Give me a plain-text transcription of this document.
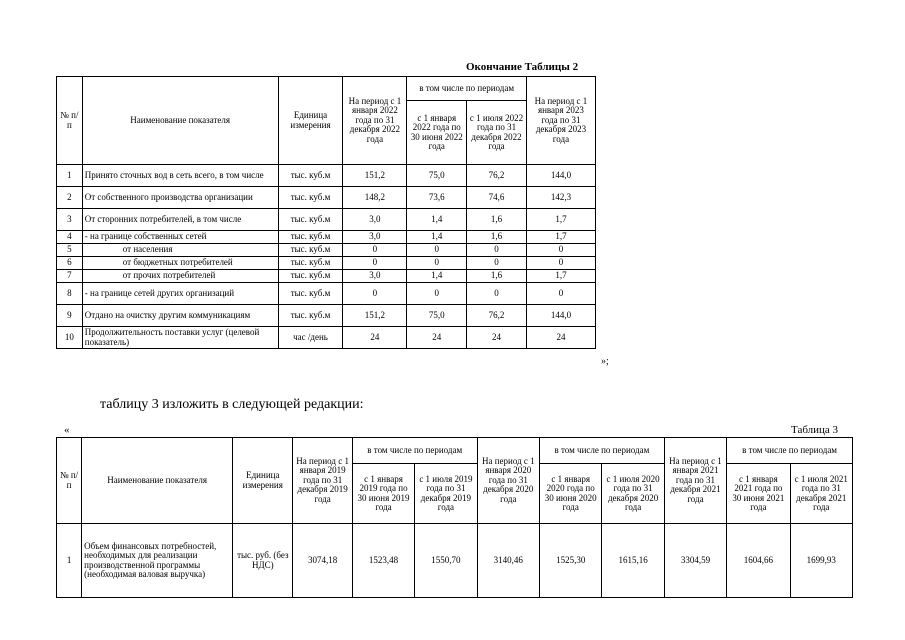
Окончание Таблицы 2
№ п/п	Наименование показателя	Единица измерения	На период с 1 января 2022 года по 31 декабря 2022 года	в том числе по периодам		На период с 1 января 2023 года по 31 декабря 2023 года
				с 1 января 2022 года по 30 июня 2022 года	с 1 июля 2022 года по 31 декабря 2022 года	
1	Принято сточных вод в сеть всего, в том числе	тыс. куб.м	151,2	75,0	76,2	144,0
2	От собственного производства организации	тыс. куб.м	148,2	73,6	74,6	142,3
3	От сторонних потребителей, в том числе	тыс. куб.м	3,0	1,4	1,6	1,7
4	- на границе собственных сетей	тыс. куб.м	3,0	1,4	1,6	1,7
5	от населения	тыс. куб.м	0	0	0	0
6	от бюджетных потребителей	тыс. куб.м	0	0	0	0
7	от прочих потребителей	тыс. куб.м	3,0	1,4	1,6	1,7
8	- на границе сетей других организаций	тыс. куб.м	0	0	0	0
9	Отдано на очистку другим коммуникациям	тыс. куб.м	151,2	75,0	76,2	144,0
10	Продолжительность поставки услуг (целевой показатель)	час /день	24	24	24	24
»;
таблицу 3 изложить в следующей редакции:
«	Таблица 3
№ п/п	Наименование показателя	Единица измерения	На период с 1 января 2019 года по 31 декабря 2019 года	в том числе по периодам		На период с 1 января 2020 года по 31 декабря 2020 года	в том числе по периодам		На период с 1 января 2021 года по 31 декабря 2021 года	в том числе по периодам	
				с 1 января 2019 года по 30 июня 2019 года	с 1 июля 2019 года по 31 декабря 2019 года		с 1 января 2020 года по 30 июня 2020 года	с 1 июля 2020 года по 31 декабря 2020 года		с 1 января 2021 года по 30 июня 2021 года	с 1 июля 2021 года по 31 декабря 2021 года
1	Объем финансовых потребностей, необходимых для реализации производственной программы (необходимая валовая выручка)	тыс. руб. (без НДС)	3074,18	1523,48	1550,70	3140,46	1525,30	1615,16	3304,59	1604,66	1699,93
